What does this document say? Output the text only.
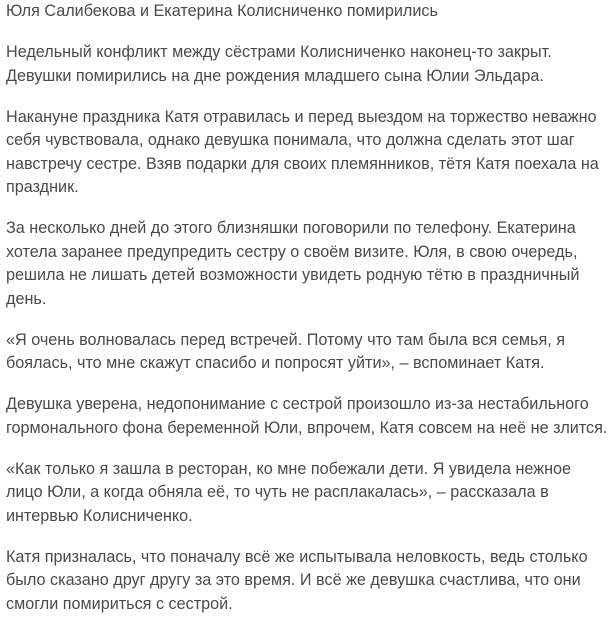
Юля Салибекова и Екатерина Колисниченко помирились

Недельный конфликт между сёстрами Колисниченко наконец-то закрыт. Девушки помирились на дне рождения младшего сына Юлии Эльдара.

Накануне праздника Катя отравилась и перед выездом на торжество неважно себя чувствовала, однако девушка понимала, что должна сделать этот шаг навстречу сестре. Взяв подарки для своих племянников, тётя Катя поехала на праздник.

За несколько дней до этого близняшки поговорили по телефону. Екатерина хотела заранее предупредить сестру о своём визите. Юля, в свою очередь, решила не лишать детей возможности увидеть родную тётю в праздничный день.

«Я очень волновалась перед встречей. Потому что там была вся семья, я боялась, что мне скажут спасибо и попросят уйти», – вспоминает Катя.

Девушка уверена, недопонимание с сестрой произошло из-за нестабильного гормонального фона беременной Юли, впрочем, Катя совсем на неё не злится.

«Как только я зашла в ресторан, ко мне побежали дети. Я увидела нежное лицо Юли, а когда обняла её, то чуть не расплакалась», – рассказала в интервью Колисниченко.

Катя призналась, что поначалу всё же испытывала неловкость, ведь столько было сказано друг другу за это время. И всё же девушка счастлива, что они смогли помириться с сестрой.
